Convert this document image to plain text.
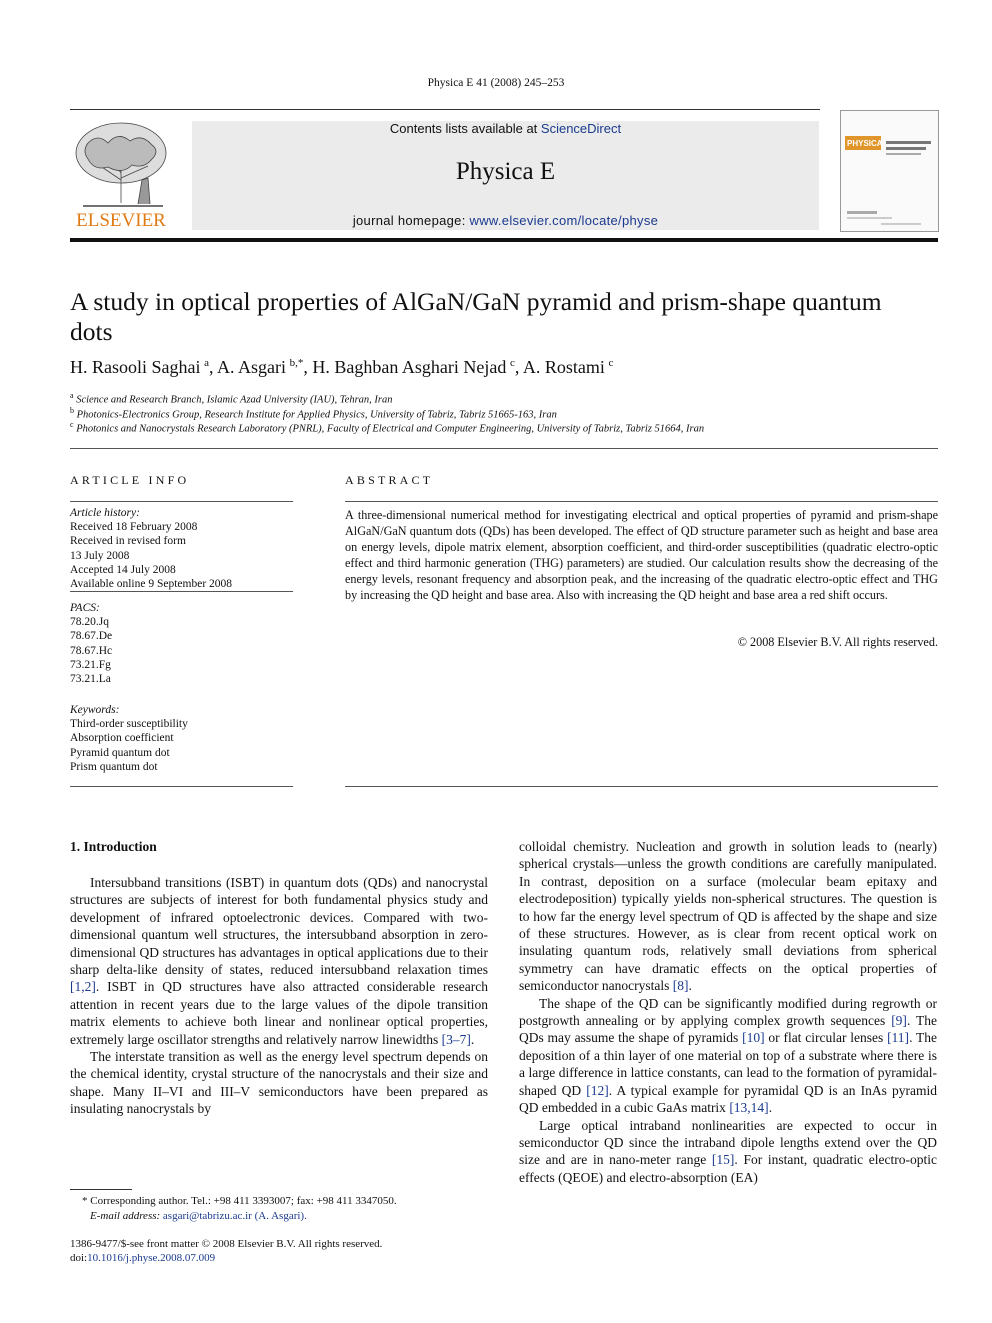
Physica E 41 (2008) 245–253
ELSEVIER
Contents lists available at ScienceDirect
Physica E
journal homepage: www.elsevier.com/locate/physe
PHYSICA
A study in optical properties of AlGaN/GaN pyramid and prism-shape quantum dots
H. Rasooli Saghai  $^a$, A. Asgari  $^{b,*}$, H. Baghban Asghari Nejad  $^c$, A. Rostami  $^c$
$^a$ Science and Research Branch, Islamic Azad University (IAU), Tehran, Iran
$^b$ Photonics-Electronics Group, Research Institute for Applied Physics, University of Tabriz, Tabriz 51665-163, Iran
$^c$ Photonics and Nanocrystals Research Laboratory (PNRL), Faculty of Electrical and Computer Engineering, University of Tabriz, Tabriz 51664, Iran
ARTICLE INFO
Article history:
Received 18 February 2008
Received in revised form
13 July 2008
Accepted 14 July 2008
Available online 9 September 2008
PACS:
78.20.Jq
78.67.De
78.67.Hc
73.21.Fg
73.21.La
Keywords:
Third-order susceptibility
Absorption coefficient
Pyramid quantum dot
Prism quantum dot
ABSTRACT
A three-dimensional numerical method for investigating electrical and optical properties of pyramid and prism-shape AlGaN/GaN quantum dots (QDs) has been developed. The effect of QD structure parameter such as height and base area on energy levels, dipole matrix element, absorption coefficient, and third-order susceptibilities (quadratic electro-optic effect and third harmonic generation (THG) parameters) are studied. Our calculation results show the decreasing of the energy levels, resonant frequency and absorption peak, and the increasing of the quadratic electro-optic effect and THG by increasing the QD height and base area. Also with increasing the QD height and base area a red shift occurs.
© 2008 Elsevier B.V. All rights reserved.
1. Introduction

Intersubband transitions (ISBT) in quantum dots (QDs) and nanocrystal structures are subjects of interest for both fundamental physics study and development of infrared optoelectronic devices. Compared with two-dimensional quantum well structures, the intersubband absorption in zero-dimensional QD structures has advantages in optical applications due to their sharp delta-like density of states, reduced intersubband relaxation times [1,2]. ISBT in QD structures have also attracted considerable research attention in recent years due to the large values of the dipole transition matrix elements to achieve both linear and nonlinear optical properties, extremely large oscillator strengths and relatively narrow linewidths [3–7].

The interstate transition as well as the energy level spectrum depends on the chemical identity, crystal structure of the nanocrystals and their size and shape. Many II–VI and III–V semiconductors have been prepared as insulating nanocrystals by

colloidal chemistry. Nucleation and growth in solution leads to (nearly) spherical crystals—unless the growth conditions are carefully manipulated. In contrast, deposition on a surface (molecular beam epitaxy and electrodeposition) typically yields non-spherical structures. The question is to how far the energy level spectrum of QD is affected by the shape and size of these structures. However, as is clear from recent optical work on insulating quantum rods, relatively small deviations from spherical symmetry can have dramatic effects on the optical properties of semiconductor nanocrystals [8].

The shape of the QD can be significantly modified during regrowth or postgrowth annealing or by applying complex growth sequences [9]. The QDs may assume the shape of pyramids [10] or flat circular lenses [11]. The deposition of a thin layer of one material on top of a substrate where there is a large difference in lattice constants, can lead to the formation of pyramidal-shaped QD [12]. A typical example for pyramidal QD is an InAs pyramid QD embedded in a cubic GaAs matrix [13,14].

Large optical intraband nonlinearities are expected to occur in semiconductor QD since the intraband dipole lengths extend over the QD size and are in nano-meter range [15]. For instant, quadratic electro-optic effects (QEOE) and electro-absorption (EA)

* Corresponding author. Tel.: +98 411 3393007; fax: +98 411 3347050.
E-mail address: asgari@tabrizu.ac.ir (A. Asgari).
1386-9477/$-see front matter © 2008 Elsevier B.V. All rights reserved.
doi:10.1016/j.physe.2008.07.009
